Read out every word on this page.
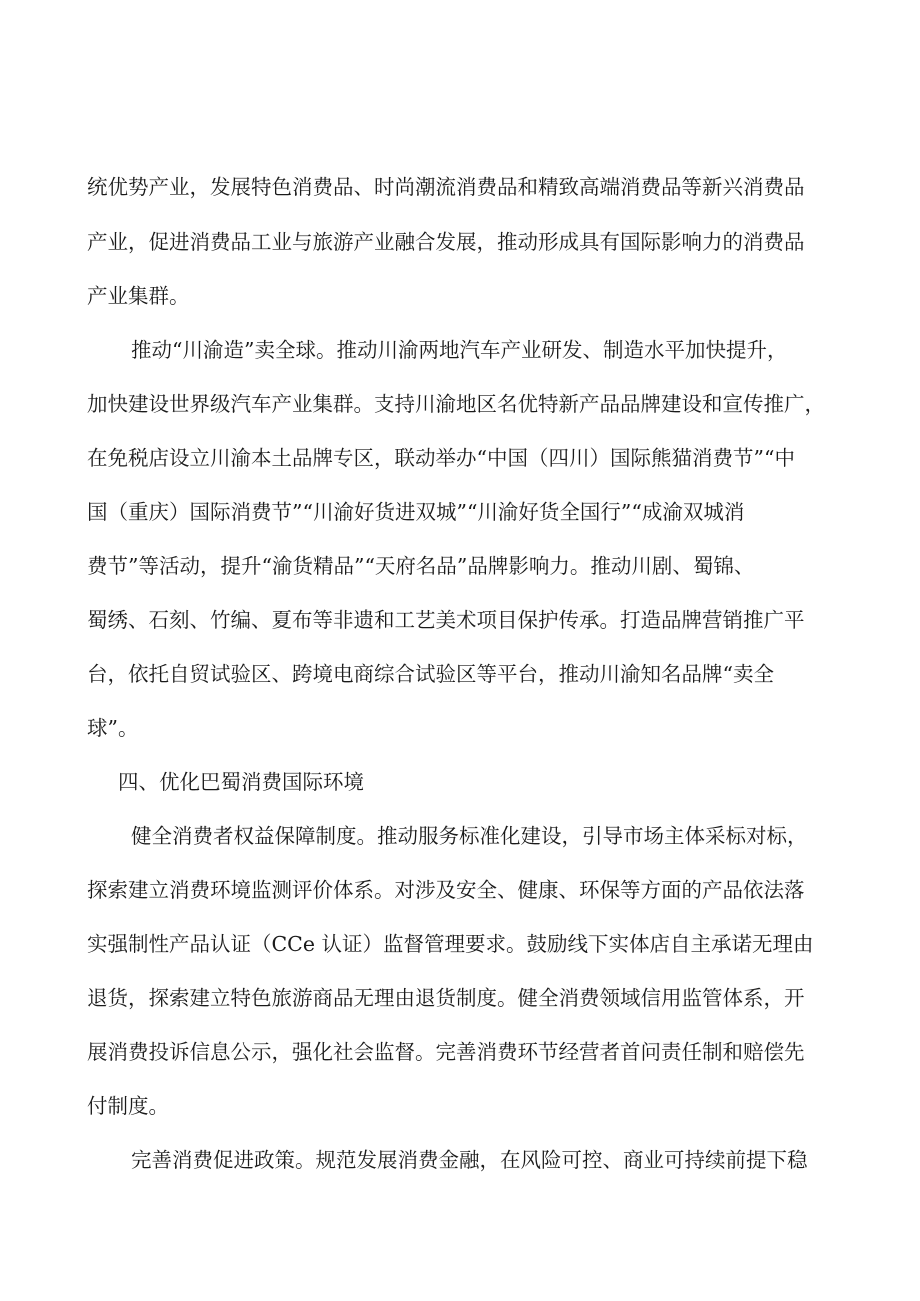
统优势产业，发展特色消费品、时尚潮流消费品和精致高端消费品等新兴消费品
产业，促进消费品工业与旅游产业融合发展，推动形成具有国际影响力的消费品
产业集群。
推动“川渝造”卖全球。推动川渝两地汽车产业研发、制造水平加快提升，
加快建设世界级汽车产业集群。支持川渝地区名优特新产品品牌建设和宣传推广，
在免税店设立川渝本土品牌专区，联动举办“中国（四川）国际熊猫消费节”“中
国（重庆）国际消费节”“川渝好货进双城”“川渝好货全国行”“成渝双城消
费节”等活动，提升“渝货精品”“天府名品”品牌影响力。推动川剧、蜀锦、
蜀绣、石刻、竹编、夏布等非遗和工艺美术项目保护传承。打造品牌营销推广平
台，依托自贸试验区、跨境电商综合试验区等平台，推动川渝知名品牌“卖全
球”。
四、优化巴蜀消费国际环境
健全消费者权益保障制度。推动服务标准化建设，引导市场主体采标对标，
探索建立消费环境监测评价体系。对涉及安全、健康、环保等方面的产品依法落
实强制性产品认证（CCe 认证）监督管理要求。鼓励线下实体店自主承诺无理由
退货，探索建立特色旅游商品无理由退货制度。健全消费领域信用监管体系，开
展消费投诉信息公示，强化社会监督。完善消费环节经营者首问责任制和赔偿先
付制度。
完善消费促进政策。规范发展消费金融，在风险可控、商业可持续前提下稳
